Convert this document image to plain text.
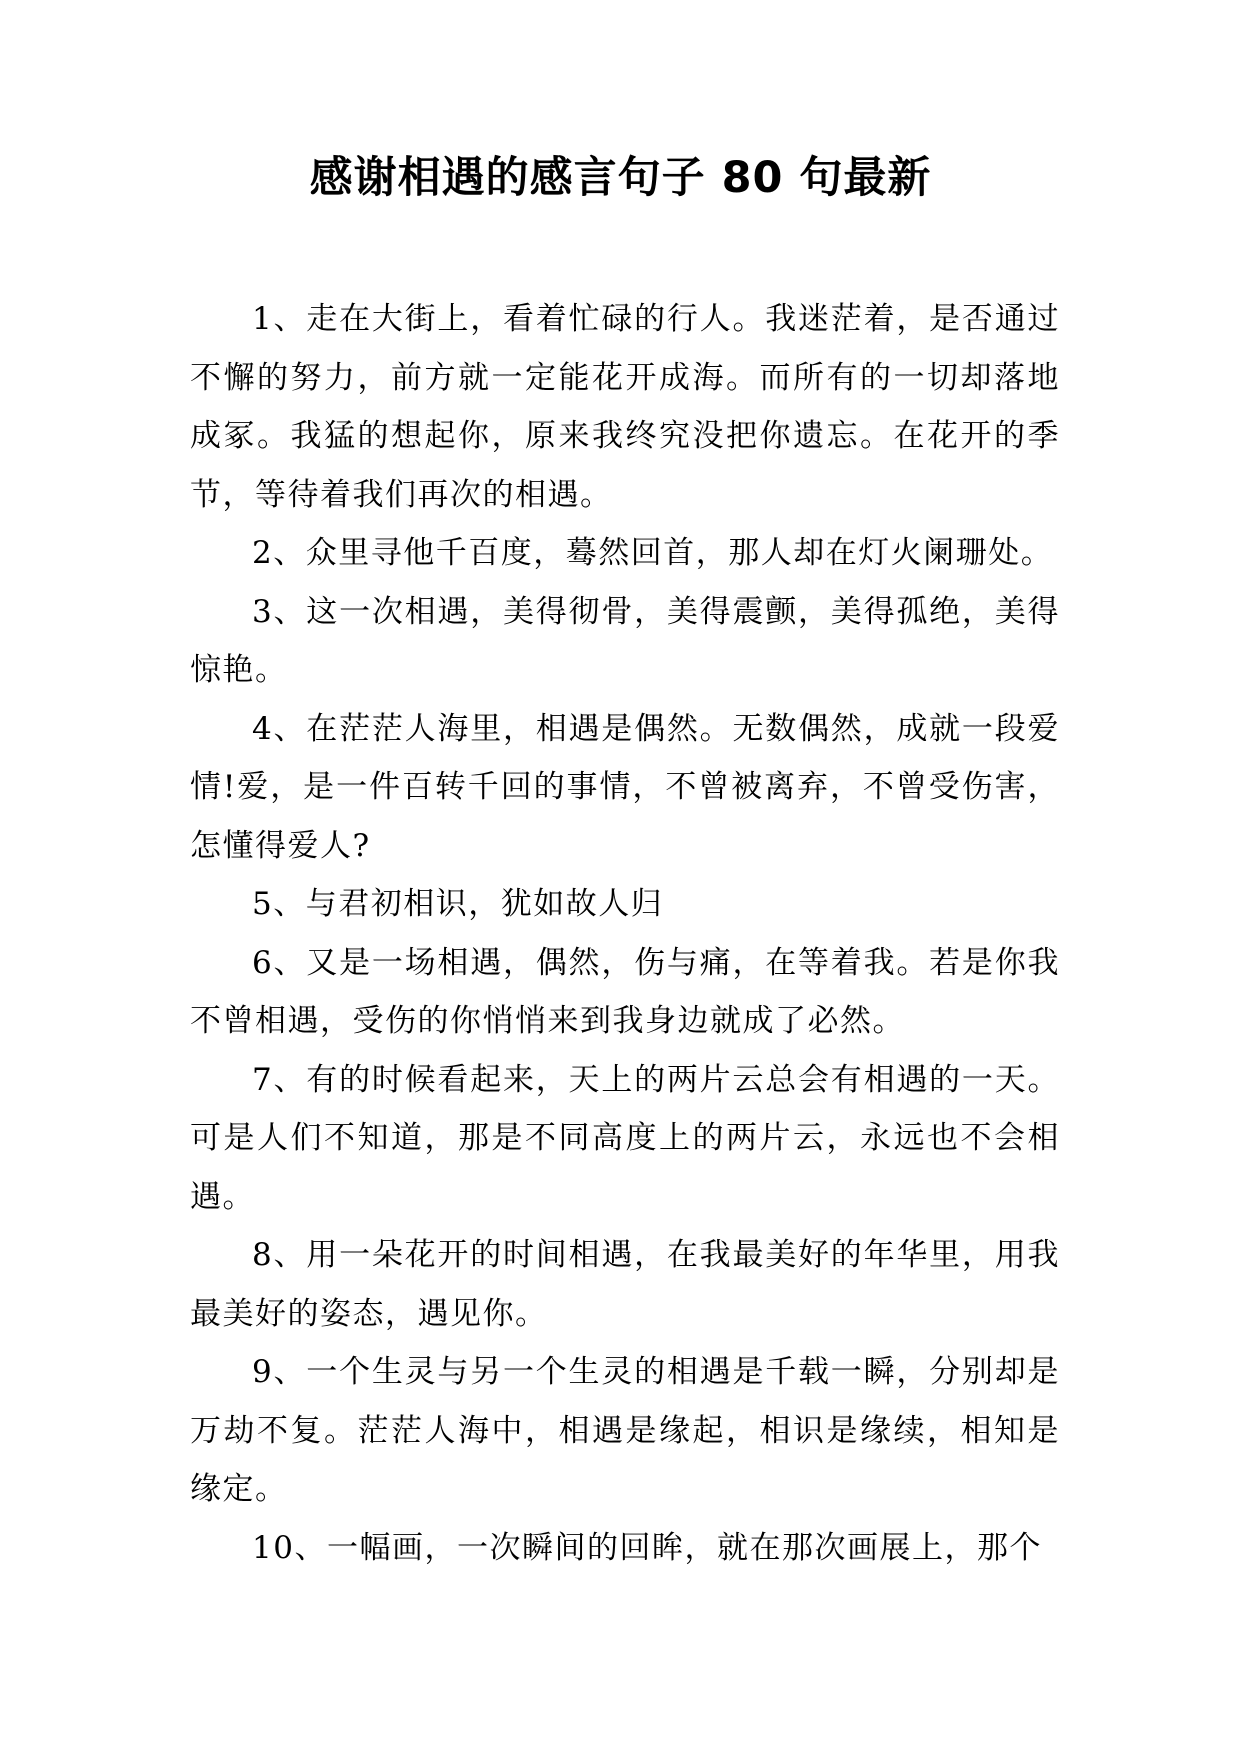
感谢相遇的感言句子 80 句最新

1、走在大街上，看着忙碌的行人。我迷茫着，是否通过不懈的努力，前方就一定能花开成海。而所有的一切却落地成冢。我猛的想起你，原来我终究没把你遗忘。在花开的季节，等待着我们再次的相遇。

2、众里寻他千百度，蓦然回首，那人却在灯火阑珊处。

3、这一次相遇，美得彻骨，美得震颤，美得孤绝，美得惊艳。

4、在茫茫人海里，相遇是偶然。无数偶然，成就一段爱情!爱，是一件百转千回的事情，不曾被离弃，不曾受伤害，怎懂得爱人?

5、与君初相识，犹如故人归

6、又是一场相遇，偶然，伤与痛，在等着我。若是你我不曾相遇，受伤的你悄悄来到我身边就成了必然。

7、有的时候看起来，天上的两片云总会有相遇的一天。可是人们不知道，那是不同高度上的两片云，永远也不会相遇。

8、用一朵花开的时间相遇，在我最美好的年华里，用我最美好的姿态，遇见你。

9、一个生灵与另一个生灵的相遇是千载一瞬，分别却是万劫不复。茫茫人海中，相遇是缘起，相识是缘续，相知是缘定。

10、一幅画，一次瞬间的回眸，就在那次画展上，那个
